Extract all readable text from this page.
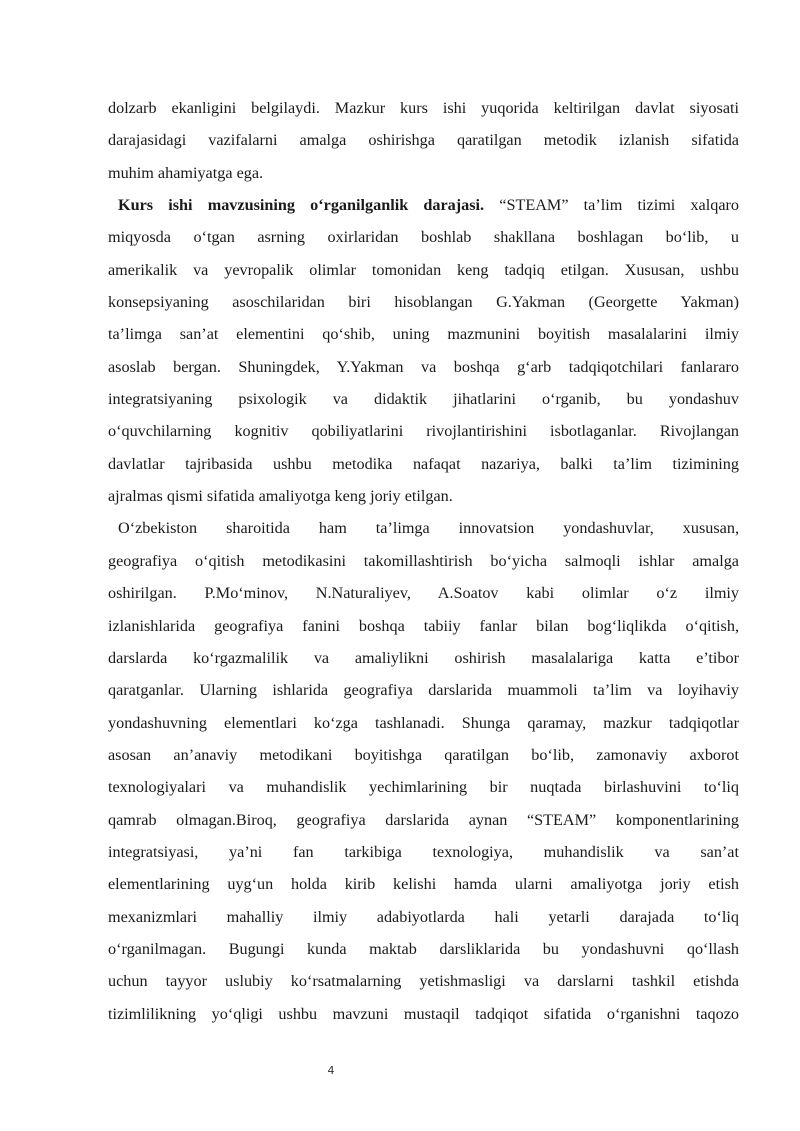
dolzarb ekanligini belgilaydi. Mazkur kurs ishi yuqorida keltirilgan davlat siyosati
darajasidagi vazifalarni amalga oshirishga qaratilgan metodik izlanish sifatida
muhim ahamiyatga ega.
Kurs ishi mavzusining o‘rganilganlik darajasi. “STEAM” ta’lim tizimi xalqaro
miqyosda o‘tgan asrning oxirlaridan boshlab shakllana boshlagan bo‘lib, u
amerikalik va yevropalik olimlar tomonidan keng tadqiq etilgan. Xususan, ushbu
konsepsiyaning asoschilaridan biri hisoblangan G.Yakman (Georgette Yakman)
ta’limga san’at elementini qo‘shib, uning mazmunini boyitish masalalarini ilmiy
asoslab bergan. Shuningdek, Y.Yakman va boshqa g‘arb tadqiqotchilari fanlararo
integratsiyaning psixologik va didaktik jihatlarini o‘rganib, bu yondashuv
o‘quvchilarning kognitiv qobiliyatlarini rivojlantirishini isbotlaganlar. Rivojlangan
davlatlar tajribasida ushbu metodika nafaqat nazariya, balki ta’lim tizimining
ajralmas qismi sifatida amaliyotga keng joriy etilgan.
O‘zbekiston sharoitida ham ta’limga innovatsion yondashuvlar, xususan,
geografiya o‘qitish metodikasini takomillashtirish bo‘yicha salmoqli ishlar amalga
oshirilgan. P.Mo‘minov, N.Naturaliyev, A.Soatov kabi olimlar o‘z ilmiy
izlanishlarida geografiya fanini boshqa tabiiy fanlar bilan bog‘liqlikda o‘qitish,
darslarda ko‘rgazmalilik va amaliylikni oshirish masalalariga katta e’tibor
qaratganlar. Ularning ishlarida geografiya darslarida muammoli ta’lim va loyihaviy
yondashuvning elementlari ko‘zga tashlanadi. Shunga qaramay, mazkur tadqiqotlar
asosan an’anaviy metodikani boyitishga qaratilgan bo‘lib, zamonaviy axborot
texnologiyalari va muhandislik yechimlarining bir nuqtada birlashuvini to‘liq
qamrab olmagan.Biroq, geografiya darslarida aynan “STEAM” komponentlarining
integratsiyasi, ya’ni fan tarkibiga texnologiya, muhandislik va san’at
elementlarining uyg‘un holda kirib kelishi hamda ularni amaliyotga joriy etish
mexanizmlari mahalliy ilmiy adabiyotlarda hali yetarli darajada to‘liq
o‘rganilmagan. Bugungi kunda maktab darsliklarida bu yondashuvni qo‘llash
uchun tayyor uslubiy ko‘rsatmalarning yetishmasligi va darslarni tashkil etishda
tizimlilikning yo‘qligi ushbu mavzuni mustaqil tadqiqot sifatida o‘rganishni taqozo
4
